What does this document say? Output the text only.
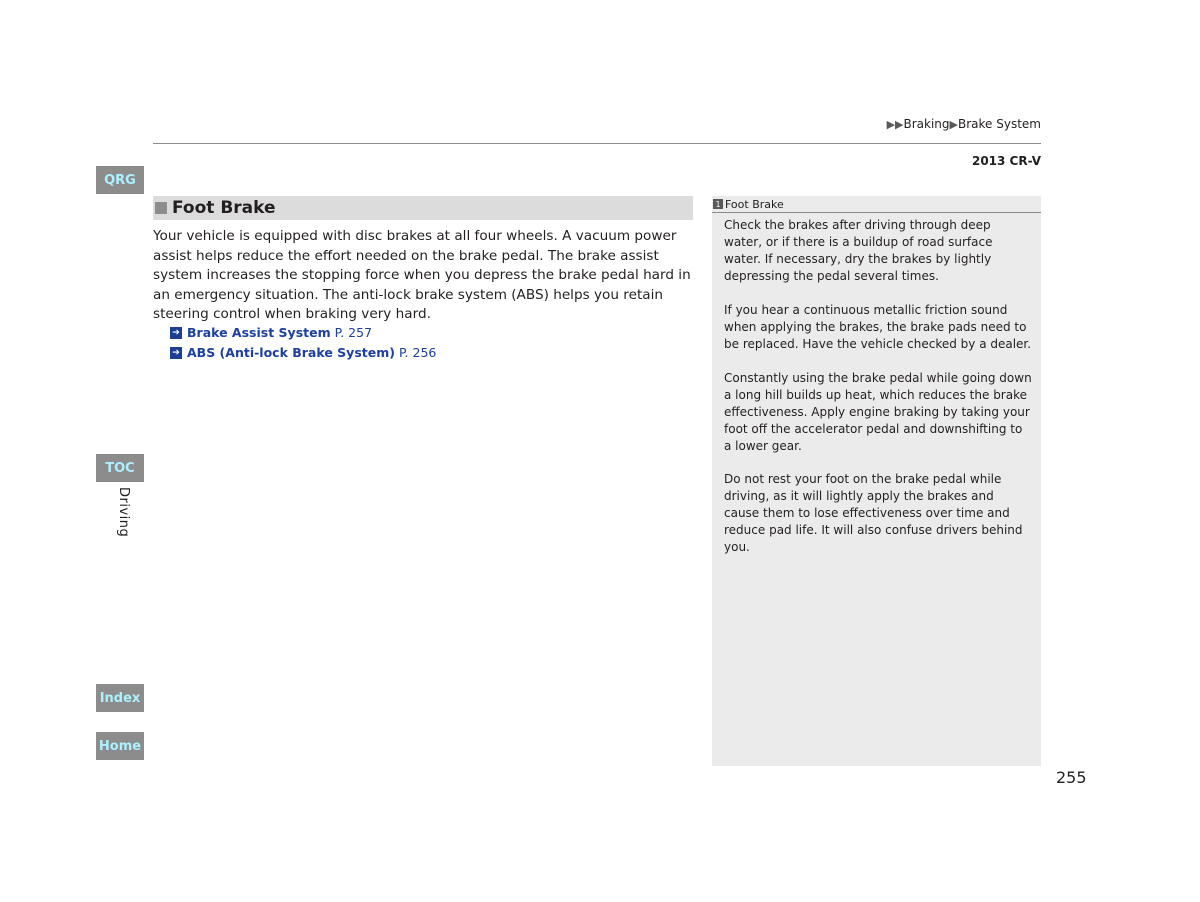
▶▶Braking▶Brake System
2013 CR-V
QRG
TOC
Driving
Index
Home
Foot Brake
Your vehicle is equipped with disc brakes at all four wheels. A vacuum power assist helps reduce the effort needed on the brake pedal. The brake assist system increases the stopping force when you depress the brake pedal hard in an emergency situation. The anti-lock brake system (ABS) helps you retain steering control when braking very hard.
➔ Brake Assist System P. 257
➔ ABS (Anti-lock Brake System) P. 256
1 Foot Brake
Check the brakes after driving through deep water, or if there is a buildup of road surface water. If necessary, dry the brakes by lightly depressing the pedal several times.
If you hear a continuous metallic friction sound when applying the brakes, the brake pads need to be replaced. Have the vehicle checked by a dealer.
Constantly using the brake pedal while going down a long hill builds up heat, which reduces the brake effectiveness. Apply engine braking by taking your foot off the accelerator pedal and downshifting to a lower gear.
Do not rest your foot on the brake pedal while driving, as it will lightly apply the brakes and cause them to lose effectiveness over time and reduce pad life. It will also confuse drivers behind you.
255
